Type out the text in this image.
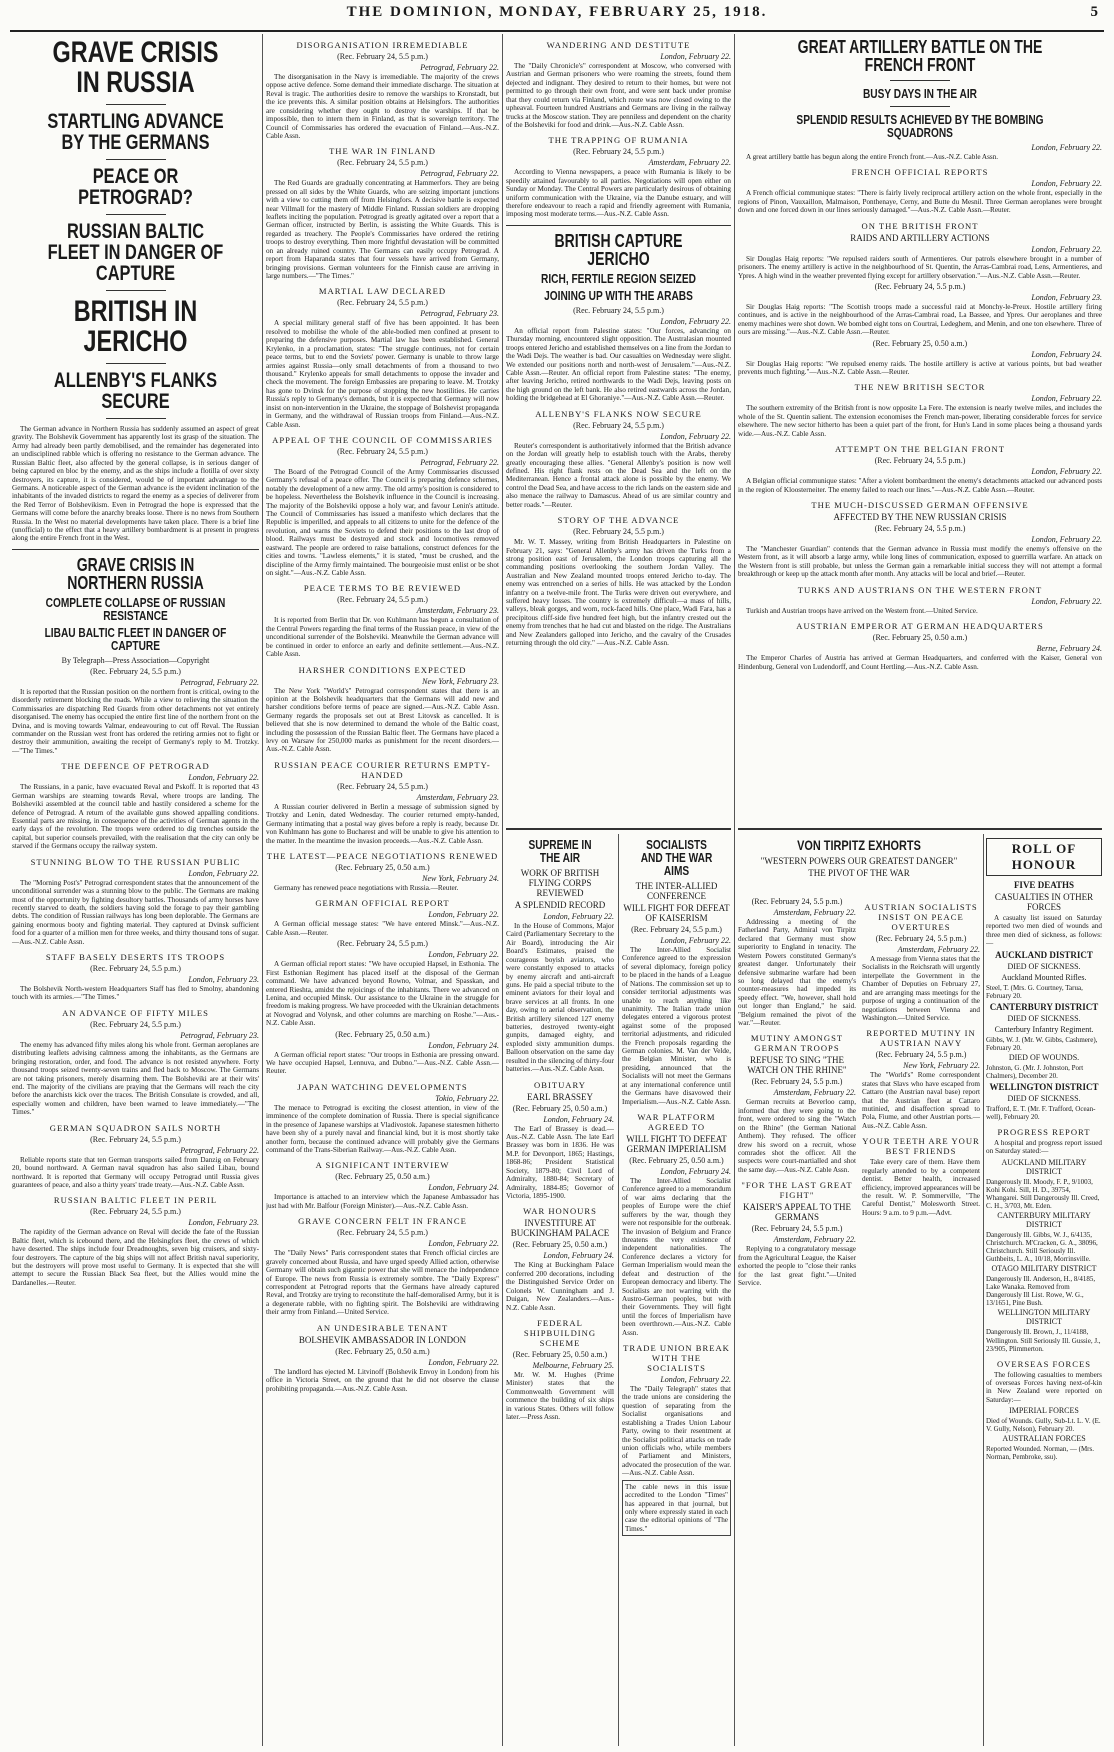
THE DOMINION, MONDAY, FEBRUARY 25, 1918.	5
GRAVE CRISIS IN RUSSIA
STARTLING ADVANCE BY THE GERMANS
PEACE OR PETROGRAD?
RUSSIAN BALTIC FLEET IN DANGER OF CAPTURE
BRITISH IN JERICHO
ALLENBY'S FLANKS SECURE

The German advance in Northern Russia has suddenly assumed an aspect of great gravity. The Bolshevik Government has apparently lost its grasp of the situation. The Army had already been partly demobilised, and the remainder has degenerated into an undisciplined rabble which is offering no resistance to the German advance. The Russian Baltic fleet, also affected by the general collapse, is in serious danger of being captured en bloc by the enemy, and as the ships include a flotilla of over sixty destroyers, its capture, it is considered, would be of important advantage to the Germans. A noticeable aspect of the German advance is the evident inclination of the inhabitants of the invaded districts to regard the enemy as a species of deliverer from the Red Terror of Bolshevikism. Even in Petrograd the hope is expressed that the Germans will come before the anarchy breaks loose. There is no news from Southern Russia. In the West no material developments have taken place. There is a brief line (unofficial) to the effect that a heavy artillery bombardment is at present in progress along the entire French front in the West.

GRAVE CRISIS IN NORTHERN RUSSIA
COMPLETE COLLAPSE OF RUSSIAN RESISTANCE
LIBAU BALTIC FLEET IN DANGER OF CAPTURE
By Telegraph—Press Association—Copyright
(Rec. February 24, 5.5 p.m.)
Petrograd, February 22.

It is reported that the Russian position on the northern front is critical, owing to the disorderly retirement blocking the roads. While a view to relieving the situation the Commissaries are dispatching Red Guards from other detachments not yet entirely disorganised. The enemy has occupied the entire first line of the northern front on the Dvina, and is moving towards Valmar, endeavouring to cut off Reval. The Russian commander on the Russian west front has ordered the retiring armies not to fight or destroy their ammunition, awaiting the receipt of Germany's reply to M. Trotzky.—"The Times."

THE DEFENCE OF PETROGRAD
London, February 22.

The Russians, in a panic, have evacuated Reval and Pskoff. It is reported that 43 German warships are steaming towards Reval, where troops are landing. The Bolsheviki assembled at the council table and hastily considered a scheme for the defence of Petrograd. A return of the available guns showed appalling conditions. Essential parts are missing, in consequence of the activities of German agents in the early days of the revolution. The troops were ordered to dig trenches outside the capital, but superior counsels prevailed, with the realisation that the city can only be starved if the Germans occupy the railway system.

STUNNING BLOW TO THE RUSSIAN PUBLIC
London, February 22.

The "Morning Post's" Petrograd correspondent states that the announcement of the unconditional surrender was a stunning blow to the public. The Germans are making most of the opportunity by fighting desultory battles. Thousands of army horses have recently starved to death, the soldiers having sold the forage to pay their gambling debts. The condition of Russian railways has long been deplorable. The Germans are gaining enormous booty and fighting material. They captured at Dvinsk sufficient food for a quarter of a million men for three weeks, and thirty thousand tons of sugar.—Aus.-N.Z. Cable Assn.

STAFF BASELY DESERTS ITS TROOPS
(Rec. February 24, 5.5 p.m.)
London, February 23.

The Bolshevik North-western Headquarters Staff has fled to Smolny, abandoning touch with its armies.—"The Times."

AN ADVANCE OF FIFTY MILES
(Rec. February 24, 5.5 p.m.)
Petrograd, February 23.

The enemy has advanced fifty miles along his whole front. German aeroplanes are distributing leaflets advising calmness among the inhabitants, as the Germans are bringing restoration, order, and food. The advance is not resisted anywhere. Forty thousand troops seized twenty-seven trains and fled back to Moscow. The Germans are not taking prisoners, merely disarming them. The Bolsheviki are at their wits' end. The majority of the civilians are praying that the Germans will reach the city before the anarchists kick over the traces. The British Consulate is crowded, and all, especially women and children, have been warned to leave immediately.—"The Times."

GERMAN SQUADRON SAILS NORTH
(Rec. February 24, 5.5 p.m.)
Petrograd, February 22.

Reliable reports state that ten German transports sailed from Danzig on February 20, bound northward. A German naval squadron has also sailed Libau, bound northward. It is reported that Germany will occupy Petrograd until Russia gives guarantees of peace, and also a thirty years' trade treaty.—Aus.-N.Z. Cable Assn.

RUSSIAN BALTIC FLEET IN PERIL
(Rec. February 24, 5.5 p.m.)
London, February 23.

The rapidity of the German advance on Reval will decide the fate of the Russian Baltic fleet, which is icebound there, and the Helsingfors fleet, the crews of which have deserted. The ships include four Dreadnoughts, seven big cruisers, and sixty-four destroyers. The capture of the big ships will not affect British naval superiority, but the destroyers will prove most useful to Germany. It is expected that she will attempt to secure the Russian Black Sea fleet, but the Allies would mine the Dardanelles.—Reuter.

DISORGANISATION IRREMEDIABLE
(Rec. February 24, 5.5 p.m.)
Petrograd, February 22.

The disorganisation in the Navy is irremediable. The majority of the crews oppose active defence. Some demand their immediate discharge. The situation at Reval is tragic. The authorities desire to remove the warships to Kronstadt, but the ice prevents this. A similar position obtains at Helsingfors. The authorities are considering whether they ought to destroy the warships. If that be impossible, then to intern them in Finland, as that is sovereign territory. The Council of Commissaries has ordered the evacuation of Finland.—Aus.-N.Z. Cable Assn.

THE WAR IN FINLAND
(Rec. February 24, 5.5 p.m.)
Petrograd, February 22.

The Red Guards are gradually concentrating at Hammerfors. They are being pressed on all sides by the White Guards, who are seizing important junctions with a view to cutting them off from Helsingfors. A decisive battle is expected near Villmall for the mastery of Middle Finland. Russian soldiers are dropping leaflets inciting the population. Petrograd is greatly agitated over a report that a German officer, instructed by Berlin, is assisting the White Guards. This is regarded as treachery. The People's Commissaries have ordered the retiring troops to destroy everything. Then more frightful devastation will be committed on an already ruined country. The Germans can easily occupy Petrograd. A report from Haparanda states that four vessels have arrived from Germany, bringing provisions. German volunteers for the Finnish cause are arriving in large numbers.—"The Times."

MARTIAL LAW DECLARED
(Rec. February 24, 5.5 p.m.)
Petrograd, February 23.

A special military general staff of five has been appointed. It has been resolved to mobilise the whole of the able-bodied men confined at present to preparing the defensive purposes. Martial law has been established. General Krylenko, in a proclamation, states: "The struggle continues, not for certain peace terms, but to end the Soviets' power. Germany is unable to throw large armies against Russia—only small detachments of from a thousand to two thousand." Krylenko appeals for small detachments to oppose the invader and check the movement. The foreign Embassies are preparing to leave. M. Trotzky has gone to Dvinsk for the purpose of stopping the new hostilities. He carries Russia's reply to Germany's demands, but it is expected that Germany will now insist on non-intervention in the Ukraine, the stoppage of Bolshevist propaganda in Germany, and the withdrawal of Russian troops from Finland.—Aus.-N.Z. Cable Assn.

APPEAL OF THE COUNCIL OF COMMISSARIES
(Rec. February 24, 5.5 p.m.)
Petrograd, February 22.

The Board of the Petrograd Council of the Army Commissaries discussed Germany's refusal of a peace offer. The Council is preparing defence schemes, notably the development of a new army. The old army's position is considered to be hopeless. Nevertheless the Bolshevik influence in the Council is increasing. The majority of the Bolsheviki oppose a holy war, and favour Lenin's attitude. The Council of Commissaries has issued a manifesto which declares that the Republic is imperilled, and appeals to all citizens to unite for the defence of the revolution, and warns the Soviets to defend their positions to the last drop of blood. Railways must be destroyed and stock and locomotives removed eastward. The people are ordered to raise battalions, construct defences for the cities and towns. "Lawless elements," it is stated, "must be crushed, and the discipline of the Army firmly maintained. The bourgeoisie must enlist or be shot on sight."—Aus.-N.Z. Cable Assn.

PEACE TERMS TO BE REVIEWED
(Rec. February 24, 5.5 p.m.)
Amsterdam, February 23.

It is reported from Berlin that Dr. von Kuhlmann has begun a consultation of the Central Powers regarding the final terms of the Russian peace, in view of the unconditional surrender of the Bolsheviki. Meanwhile the German advance will be continued in order to enforce an early and definite settlement.—Aus.-N.Z. Cable Assn.

HARSHER CONDITIONS EXPECTED
New York, February 23.

The New York "World's" Petrograd correspondent states that there is an opinion at the Bolshevik headquarters that the Germans will add new and harsher conditions before terms of peace are signed.—Aus.-N.Z. Cable Assn. Germany regards the proposals set out at Brest Litovsk as cancelled. It is believed that she is now determined to demand the whole of the Baltic coast, including the possession of the Russian Baltic fleet. The Germans have placed a levy on Warsaw for 250,000 marks as punishment for the recent disorders.—Aus.-N.Z. Cable Assn.

RUSSIAN PEACE COURIER RETURNS EMPTY-HANDED
(Rec. February 24, 5.5 p.m.)
Amsterdam, February 23.

A Russian courier delivered in Berlin a message of submission signed by Trotzky and Lenin, dated Wednesday. The courier returned empty-handed, Germany intimating that a postal way gives before a reply is ready, because Dr. von Kuhlmann has gone to Bucharest and will be unable to give his attention to the matter. In the meantime the invasion proceeds.—Aus.-N.Z. Cable Assn.

THE LATEST—PEACE NEGOTIATIONS RENEWED
(Rec. February 25, 0.50 a.m.)
New York, February 24.

Germany has renewed peace negotiations with Russia.—Reuter.

GERMAN OFFICIAL REPORT
London, February 22.

A German official message states: "We have entered Minsk."—Aus.-N.Z. Cable Assn.—Reuter.

(Rec. February 24, 5.5 p.m.)
London, February 22.

A German official report states: "We have occupied Hapsel, in Esthonia. The First Esthonian Regiment has placed itself at the disposal of the German command. We have advanced beyond Rowno, Volmar, and Spasskan, and entered Rieshta, amidst the rejoicings of the inhabitants. There we advanced on Lenina, and occupied Minsk. Our assistance to the Ukraine in the struggle for freedom is making progress. We have proceeded with the Ukrainian detachments at Novograd and Volynsk, and other columns are marching on Roshe."—Aus.-N.Z. Cable Assn.

(Rec. February 25, 0.50 a.m.)
London, February 24.

A German official report states: "Our troops in Esthonia are pressing onward. We have occupied Hapsel, Lennuva, and Dubno."—Aus.-N.Z. Cable Assn.—Reuter.

JAPAN WATCHING DEVELOPMENTS
Tokio, February 22.

The menace to Petrograd is exciting the closest attention, in view of the imminence of the complete domination of Russia. There is special significance in the presence of Japanese warships at Vladivostok. Japanese statesmen hitherto have been shy of a purely naval and financial kind, but it is most shortly take another form, because the continued advance will probably give the Germans command of the Trans-Siberian Railway.—Aus.-N.Z. Cable Assn.

A SIGNIFICANT INTERVIEW
(Rec. February 25, 0.50 a.m.)
London, February 24.

Importance is attached to an interview which the Japanese Ambassador has just had with Mr. Balfour (Foreign Minister).—Aus.-N.Z. Cable Assn.

GRAVE CONCERN FELT IN FRANCE
(Rec. February 24, 5.5 p.m.)
London, February 22.

The "Daily News" Paris correspondent states that French official circles are gravely concerned about Russia, and have urged speedy Allied action, otherwise Germany will obtain such gigantic power that she will menace the independence of Europe. The news from Russia is extremely sombre. The "Daily Express" correspondent at Petrograd reports that the Germans have already captured Reval, and Trotzky are trying to reconstitute the half-demoralised Army, but it is a degenerate rabble, with no fighting spirit. The Bolsheviki are withdrawing their army from Finland.—United Service.

AN UNDESIRABLE TENANT
BOLSHEVIK AMBASSADOR IN LONDON
(Rec. February 25, 0.50 a.m.)
London, February 22.

The landlord has ejected M. Litvinoff (Bolshevik Envoy in London) from his office in Victoria Street, on the ground that he did not observe the clause prohibiting propaganda.—Aus.-N.Z. Cable Assn.

WANDERING AND DESTITUTE
London, February 22.

The "Daily Chronicle's" correspondent at Moscow, who conversed with Austrian and German prisoners who were roaming the streets, found them dejected and indignant. They desired to return to their homes, but were not permitted to go through their own front, and were sent back under promise that they could return via Finland, which route was now closed owing to the upheaval. Fourteen hundred Austrians and Germans are living in the railway trucks at the Moscow station. They are penniless and dependent on the charity of the Bolsheviki for food and drink.—Aus.-N.Z. Cable Assn.

THE TRAPPING OF RUMANIA
(Rec. February 24, 5.5 p.m.)
Amsterdam, February 22.

According to Vienna newspapers, a peace with Rumania is likely to be speedily attained favourably to all parties. Negotiations will open either on Sunday or Monday. The Central Powers are particularly desirous of obtaining uniform communication with the Ukraine, via the Danube estuary, and will therefore endeavour to reach a rapid and friendly agreement with Rumania, imposing most moderate terms.—Aus.-N.Z. Cable Assn.

BRITISH CAPTURE JERICHO
RICH, FERTILE REGION SEIZED
JOINING UP WITH THE ARABS
(Rec. February 24, 5.5 p.m.)
London, February 22.

An official report from Palestine states: "Our forces, advancing on Thursday morning, encountered slight opposition. The Australasian mounted troops entered Jericho and established themselves on a line from the Jordan to the Wadi Dejs. The weather is bad. Our casualties on Wednesday were slight. We extended our positions north and north-west of Jerusalem."—Aus.-N.Z. Cable Assn.—Reuter. An official report from Palestine states: "The enemy, after leaving Jericho, retired northwards to the Wadi Dejs, leaving posts on the high ground on the left bank. He also retired eastwards across the Jordan, holding the bridgehead at El Ghoraniye."—Aus.-N.Z. Cable Assn.—Reuter.

ALLENBY'S FLANKS NOW SECURE
(Rec. February 24, 5.5 p.m.)
London, February 22.

Reuter's correspondent is authoritatively informed that the British advance on the Jordan will greatly help to establish touch with the Arabs, thereby greatly encouraging these allies. "General Allenby's position is now well defined. His right flank rests on the Dead Sea and the left on the Mediterranean. Hence a frontal attack alone is possible by the enemy. We control the Dead Sea, and have access to the rich lands on the eastern side and also menace the railway to Damascus. Ahead of us are similar country and better roads."—Reuter.

STORY OF THE ADVANCE
(Rec. February 24, 5.5 p.m.)

Mr. W. T. Massey, writing from British Headquarters in Palestine on February 21, says: "General Allenby's army has driven the Turks from a strong position east of Jerusalem, the London troops capturing all the commanding positions overlooking the southern Jordan Valley. The Australian and New Zealand mounted troops entered Jericho to-day. The enemy was entrenched on a series of hills. He was attacked by the London infantry on a twelve-mile front. The Turks were driven out everywhere, and suffered heavy losses. The country is extremely difficult—a mass of hills, valleys, bleak gorges, and worn, rock-faced hills. One place, Wadi Fara, has a precipitous cliff-side five hundred feet high, but the infantry crested out the enemy from trenches that he had cut and blasted on the ridge. The Australians and New Zealanders galloped into Jericho, and the cavalry of the Crusades returning through the old city." —Aus.-N.Z. Cable Assn.

SUPREME IN THE AIR
WORK OF BRITISH FLYING CORPS REVIEWED
A SPLENDID RECORD
London, February 22.

In the House of Commons, Major Caird (Parliamentary Secretary to the Air Board), introducing the Air Board's Estimates, praised the courageous boyish aviators, who were constantly exposed to attacks by enemy aircraft and anti-aircraft guns. He paid a special tribute to the eminent aviators for their loyal and brave services at all fronts. In one day, owing to aerial observation, the British artillery silenced 127 enemy batteries, destroyed twenty-eight gunpits, damaged eighty, and exploded sixty ammunition dumps. Balloon observation on the same day resulted in the silencing of thirty-four batteries.—Aus.-N.Z. Cable Assn.

OBITUARY
EARL BRASSEY
(Rec. February 25, 0.50 a.m.)
London, February 24.

The Earl of Brassey is dead.—Aus.-N.Z. Cable Assn. The late Earl Brassey was born in 1836. He was M.P. for Devonport, 1865; Hastings, 1868-86; President Statistical Society, 1879-80; Civil Lord of Admiralty, 1880-84; Secretary of Admiralty, 1884-85; Governor of Victoria, 1895-1900.

WAR HONOURS
INVESTITURE AT BUCKINGHAM PALACE
(Rec. February 25, 0.50 a.m.)
London, February 24.

The King at Buckingham Palace conferred 200 decorations, including the Distinguished Service Order on Colonels W. Cunningham and J. Duigan, New Zealanders.—Aus.-N.Z. Cable Assn.

FEDERAL SHIPBUILDING SCHEME
(Rec. February 25, 0.50 a.m.)
Melbourne, February 25.

Mr. W. M. Hughes (Prime Minister) states that the Commonwealth Government will commence the building of six ships in various States. Others will follow later.—Press Assn.

SOCIALISTS AND THE WAR AIMS
THE INTER-ALLIED CONFERENCE
WILL FIGHT FOR DEFEAT OF KAISERISM
(Rec. February 24, 5.5 p.m.)
London, February 22.

The Inter-Allied Socialist Conference agreed to the expression of several diplomacy, foreign policy to be placed in the hands of a League of Nations. The commission set up to consider territorial adjustments was unable to reach anything like unanimity. The Italian trade union delegates entered a vigorous protest against some of the proposed territorial adjustments, and ridiculed the French proposals regarding the German colonies. M. Van der Velde, the Belgian Minister, who is presiding, announced that the Socialists will not meet the Germans at any international conference until the Germans have disavowed their Imperialism.—Aus.-N.Z. Cable Assn.

WAR PLATFORM AGREED TO
WILL FIGHT TO DEFEAT GERMAN IMPERIALISM
(Rec. February 25, 0.50 a.m.)
London, February 24.

The Inter-Allied Socialist Conference agreed to a memorandum of war aims declaring that the peoples of Europe were the chief sufferers by the war, though they were not responsible for the outbreak. The invasion of Belgium and France threatens the very existence of independent nationalities. The Conference declares a victory for German Imperialism would mean the defeat and destruction of the European democracy and liberty. The Socialists are not warring with the Austro-German peoples, but with their Governments. They will fight until the forces of Imperialism have been overthrown.—Aus.-N.Z. Cable Assn.

TRADE UNION BREAK WITH THE SOCIALISTS
London, February 22.

The "Daily Telegraph" states that the trade unions are considering the question of separating from the Socialist organisations and establishing a Trades Union Labour Party, owing to their resentment at the Socialist political attacks on trade union officials who, while members of Parliament and Ministers, advocated the prosecution of the war.—Aus.-N.Z. Cable Assn.

The cable news in this issue accredited to the London "Times" has appeared in that journal, but only where expressly stated in each case the editorial opinions of "The Times."

GREAT ARTILLERY BATTLE ON THE FRENCH FRONT
BUSY DAYS IN THE AIR
SPLENDID RESULTS ACHIEVED BY THE BOMBING SQUADRONS
London, February 22.

A great artillery battle has begun along the entire French front.—Aus.-N.Z. Cable Assn.

FRENCH OFFICIAL REPORTS
London, February 22.

A French official communique states: "There is fairly lively reciprocal artillery action on the whole front, especially in the regions of Pinon, Vauxaillon, Malmaison, Ponthenaye, Cerny, and Butte du Mesnil. Three German aeroplanes were brought down and one forced down in our lines seriously damaged."—Aus.-N.Z. Cable Assn.—Reuter.

ON THE BRITISH FRONT
RAIDS AND ARTILLERY ACTIONS
London, February 22.

Sir Douglas Haig reports: "We repulsed raiders south of Armentieres. Our patrols elsewhere brought in a number of prisoners. The enemy artillery is active in the neighbourhood of St. Quentin, the Arras-Cambrai road, Lens, Armentieres, and Ypres. A high wind in the weather prevented flying except for artillery observation."—Aus.-N.Z. Cable Assn.—Reuter.

(Rec. February 24, 5.5 p.m.)
London, February 23.

Sir Douglas Haig reports: "The Scottish troops made a successful raid at Monchy-le-Preux. Hostile artillery firing continues, and is active in the neighbourhood of the Arras-Cambrai road, La Bassee, and Ypres. Our aeroplanes and three enemy machines were shot down. We bombed eight tons on Courtrai, Ledeghem, and Menin, and one ton elsewhere. Three of ours are missing."—Aus.-N.Z. Cable Assn.—Reuter.

(Rec. February 25, 0.50 a.m.)
London, February 24.

Sir Douglas Haig reports: "We repulsed enemy raids. The hostile artillery is active at various points, but bad weather prevents much fighting."—Aus.-N.Z. Cable Assn.—Reuter.

THE NEW BRITISH SECTOR
London, February 22.

The southern extremity of the British front is now opposite La Fere. The extension is nearly twelve miles, and includes the whole of the St. Quentin salient. The extension economises the French man-power, liberating considerable forces for service elsewhere. The new sector hitherto has been a quiet part of the front, for Hun's Land in some places being a thousand yards wide.—Aus.-N.Z. Cable Assn.

ATTEMPT ON THE BELGIAN FRONT
(Rec. February 24, 5.5 p.m.)
London, February 22.

A Belgian official communique states: "After a violent bombardment the enemy's detachments attacked our advanced posts in the region of Kloosterneiter. The enemy failed to reach our lines."—Aus.-N.Z. Cable Assn.—Reuter.

THE MUCH-DISCUSSED GERMAN OFFENSIVE
AFFECTED BY THE NEW RUSSIAN CRISIS
(Rec. February 24, 5.5 p.m.)
London, February 22.

The "Manchester Guardian" contends that the German advance in Russia must modify the enemy's offensive on the Western front, as it will absorb a large army, while long lines of communication, exposed to guerrilla warfare. An attack on the Western front is still probable, but unless the German gain a remarkable initial success they will not attempt a formal breakthrough or keep up the attack month after month. Any attacks will be local and brief.—Reuter.

TURKS AND AUSTRIANS ON THE WESTERN FRONT
London, February 22.

Turkish and Austrian troops have arrived on the Western front.—United Service.

AUSTRIAN EMPEROR AT GERMAN HEADQUARTERS
(Rec. February 25, 0.50 a.m.)
Berne, February 24.

The Emperor Charles of Austria has arrived at German Headquarters, and conferred with the Kaiser, General von Hindenburg, General von Ludendorff, and Count Hertling.—Aus.-N.Z. Cable Assn.

VON TIRPITZ EXHORTS
"WESTERN POWERS OUR GREATEST DANGER"
THE PIVOT OF THE WAR
(Rec. February 24, 5.5 p.m.)
Amsterdam, February 22.

Addressing a meeting of the Fatherland Party, Admiral von Tirpitz declared that Germany must show superiority to England in tenacity. The Western Powers constituted Germany's greatest danger. Unfortunately their defensive submarine warfare had been so long delayed that the enemy's counter-measures had impeded its speedy effect. "We, however, shall hold out longer than England," he said. "Belgium remained the pivot of the war."—Reuter.

MUTINY AMONGST GERMAN TROOPS
REFUSE TO SING "THE WATCH ON THE RHINE"
(Rec. February 24, 5.5 p.m.)
Amsterdam, February 22.

German recruits at Beverloo camp, informed that they were going to the front, were ordered to sing the "Watch on the Rhine" (the German National Anthem). They refused. The officer drew his sword on a recruit, whose comrades shot the officer. All the suspects were court-martialled and shot the same day.—Aus.-N.Z. Cable Assn.

"FOR THE LAST GREAT FIGHT"
KAISER'S APPEAL TO THE GERMANS
(Rec. February 24, 5.5 p.m.)
Amsterdam, February 22.

Replying to a congratulatory message from the Agricultural League, the Kaiser exhorted the people to "close their ranks for the last great fight."—United Service.

AUSTRIAN SOCIALISTS INSIST ON PEACE OVERTURES
(Rec. February 24, 5.5 p.m.)
Amsterdam, February 22.

A message from Vienna states that the Socialists in the Reichsrath will urgently interpellate the Government in the Chamber of Deputies on February 27, and are arranging mass meetings for the purpose of urging a continuation of the negotiations between Vienna and Washington.—United Service.

REPORTED MUTINY IN AUSTRIAN NAVY
(Rec. February 24, 5.5 p.m.)
New York, February 22.

The "World's" Rome correspondent states that Slavs who have escaped from Cattaro (the Austrian naval base) report that the Austrian fleet at Cattaro mutinied, and disaffection spread to Pola, Fiume, and other Austrian ports.—Aus.-N.Z. Cable Assn.

YOUR TEETH ARE YOUR BEST FRIENDS

Take every care of them. Have them regularly attended to by a competent dentist. Better health, increased efficiency, improved appearances will be the result. W. P. Sommerville, "The Careful Dentist," Molesworth Street. Hours: 9 a.m. to 9 p.m.—Advt.

ROLL OF HONOUR
FIVE DEATHS
CASUALTIES IN OTHER FORCES

A casualty list issued on Saturday reported two men died of wounds and three men died of sickness, as follows:—

AUCKLAND DISTRICT
DIED OF SICKNESS.
Auckland Mounted Rifles.
Steel, T. (Mrs. G. Courtney, Tarua, February 20.
CANTERBURY DISTRICT
DIED OF SICKNESS.
Canterbury Infantry Regiment.
Gibbs, W. J. (Mr. W. Gibbs, Cashmere), February 20.
DIED OF WOUNDS.
Johnston, G. (Mr. J. Johnston, Port Chalmers), December 20.
WELLINGTON DISTRICT
DIED OF SICKNESS.
Trafford, E. T. (Mr. F. Trafford, Ocean-well), February 20.
PROGRESS REPORT

A hospital and progress report issued on Saturday stated:—

AUCKLAND MILITARY DISTRICT
Dangerously Ill. Moody, F. P., 9/1003, Kohi Kohi. Sill, H. D., 39754, Whangarei. Still Dangerously Ill. Creed, C. H., 3/703, Mt. Eden.
CANTERBURY MILITARY DISTRICT
Dangerously Ill. Gibbs, W. J., 6/4135, Christchurch. M'Cracken, G. A., 38096, Christchurch. Still Seriously Ill. Guthbeits, L. A., 10/18, Morrinsville.
OTAGO MILITARY DISTRICT
Dangerously Ill. Anderson, H., 8/4185, Lake Wanaka. Removed from Dangerously Ill List. Rowe, W. G., 13/1651, Pine Bush.
WELLINGTON MILITARY DISTRICT
Dangerously Ill. Brown, J., 11/4188, Wellington. Still Seriously Ill. Gussie, J., 23/905, Plimmerton.
OVERSEAS FORCES

The following casualties to members of overseas Forces having next-of-kin in New Zealand were reported on Saturday:—

IMPERIAL FORCES
Died of Wounds. Gully, Sub-Lt. L. V. (E. V. Gully, Nelson), February 20.
AUSTRALIAN FORCES
Reported Wounded. Norman, — (Mrs. Norman, Pembroke, ssu).
